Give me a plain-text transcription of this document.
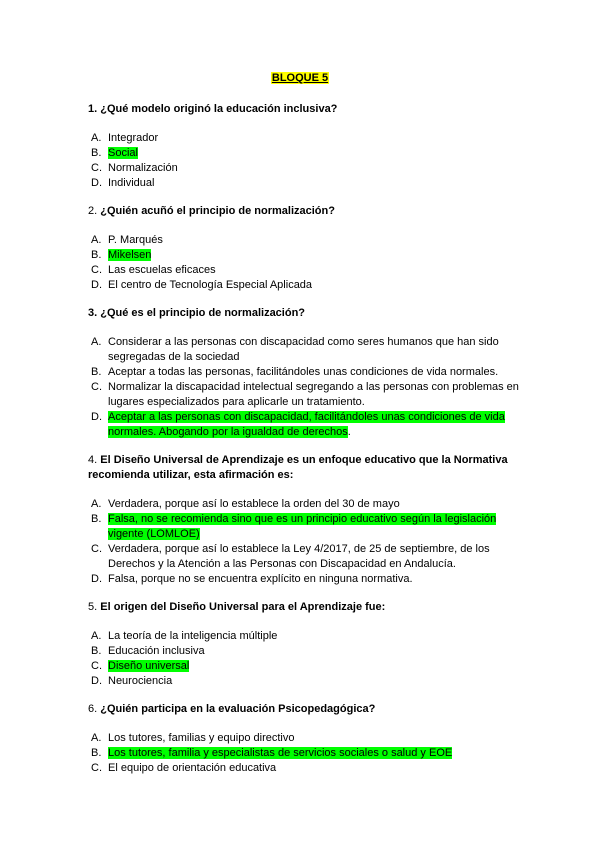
BLOQUE 5
1. ¿Qué modelo originó la educación inclusiva?
A. Integrador
B. Social
C. Normalización
D. Individual
2. ¿Quién acuñó el principio de normalización?
A. P. Marqués
B. Mikelsen
C. Las escuelas eficaces
D. El centro de Tecnología Especial Aplicada
3. ¿Qué es el principio de normalización?
A. Considerar a las personas con discapacidad como seres humanos que han sido segregadas de la sociedad
B. Aceptar a todas las personas, facilitándoles unas condiciones de vida normales.
C. Normalizar la discapacidad intelectual segregando a las personas con problemas en lugares especializados para aplicarle un tratamiento.
D. Aceptar a las personas con discapacidad, facilitándoles unas condiciones de vida normales. Abogando por la igualdad de derechos.
4. El Diseño Universal de Aprendizaje es un enfoque educativo que la Normativa recomienda utilizar, esta afirmación es:
A. Verdadera, porque así lo establece la orden del 30 de mayo
B. Falsa, no se recomienda sino que es un principio educativo según la legislación vigente (LOMLOE)
C. Verdadera, porque así lo establece la Ley 4/2017, de 25 de septiembre, de los Derechos y la Atención a las Personas con Discapacidad en Andalucía.
D. Falsa, porque no se encuentra explícito en ninguna normativa.
5. El origen del Diseño Universal para el Aprendizaje fue:
A. La teoría de la inteligencia múltiple
B. Educación inclusiva
C. Diseño universal
D. Neurociencia
6. ¿Quién participa en la evaluación Psicopedagógica?
A. Los tutores, familias y equipo directivo
B. Los tutores, familia y especialistas de servicios sociales o salud y EOE
C. El equipo de orientación educativa
